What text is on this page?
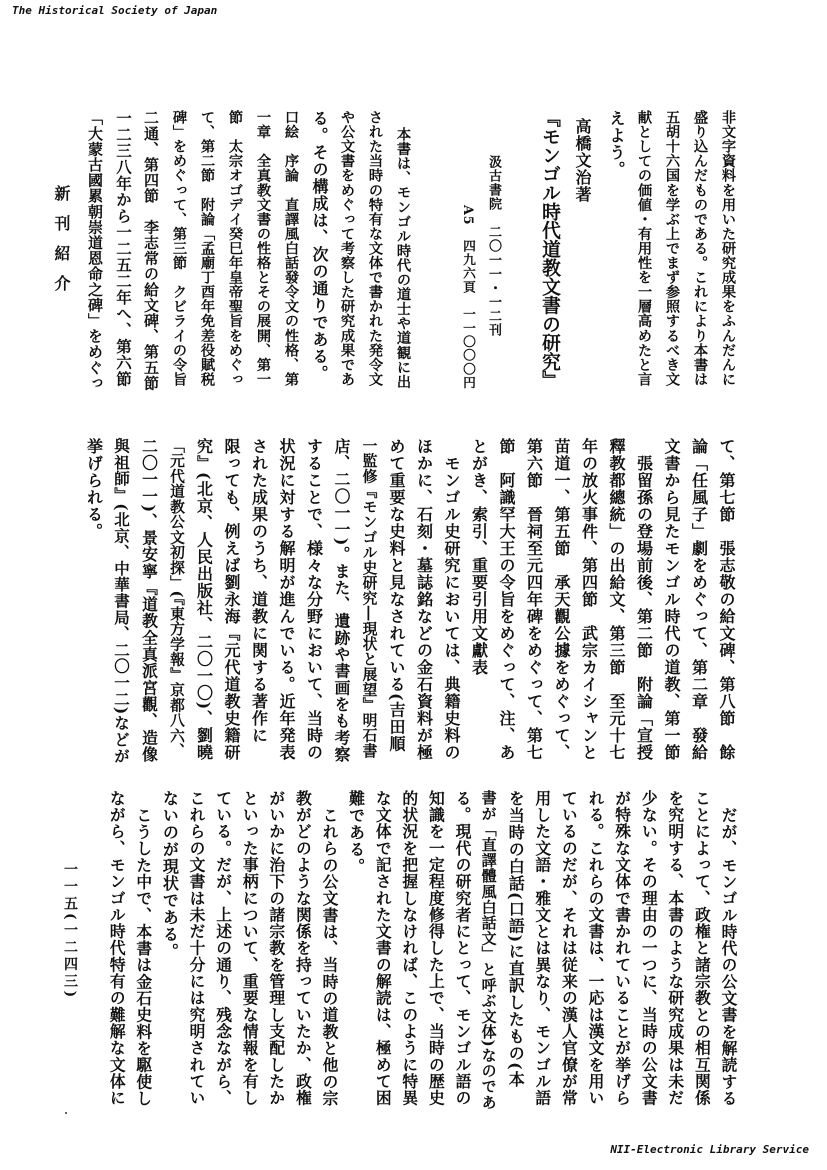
The Historical Society of Japan
非文字資料を用いた研究成果をふんだんに
盛り込んだものである。これにより本書は
五胡十六国を学ぶ上でまず参照するべき文
献としての価値・有用性を一層高めたと言
えよう。
高橋文治著
『モンゴル時代道教文書の研究』
汲古書院　二〇一一・一二刊
A5　四九六頁　一一〇〇〇円
本書は、モンゴル時代の道士や道観に出
された当時の特有な文体で書かれた発令文
や公文書をめぐって考察した研究成果であ
る。その構成は、次の通りである。
口絵　序論　直譯風白話發令文の性格、第
一章　全真教文書の性格とその展開、第一
節　太宗オゴデイ癸巳年皇帝聖旨をめぐっ
て、第二節　附論「孟廟丁酉年免差役賦税
碑」をめぐって、第三節　クビライの令旨
二通、第四節　李志常の給文碑、第五節
一二三八年から一二五二年へ、第六節
「大蒙古國累朝崇道恩命之碑」をめぐっ
て、第七節　張志敬の給文碑、第八節　餘
論「任風子」劇をめぐって、第二章　發給
文書から見たモンゴル時代の道教、第一節
張留孫の登場前後、第二節　附論「宣授
釋教都總統」の出給文、第三節　至元十七
年の放火事件、第四節　武宗カイシャンと
苗道一、第五節　承天觀公據をめぐって、
第六節　晉祠至元四年碑をめぐって、第七
節　阿識罕大王の令旨をめぐって、注、あ
とがき、索引、重要引用文獻表
モンゴル史研究においては、典籍史料の
ほかに、石刻・墓誌銘などの金石資料が極
めて重要な史料と見なされている(吉田順
一監修『モンゴル史研究―現状と展望』明石書
店、二〇一一)。また、遺跡や書画をも考察
することで、様々な分野において、当時の
状況に対する解明が進んでいる。近年発表
された成果のうち、道教に関する著作に
限っても、例えば劉永海『元代道教史籍研
究』(北京、人民出版社、二〇一〇)、劉曉
「元代道教公文初探」(『東方学報』京都八六、
二〇一一)、景安寧『道教全真派宮觀、造像
與祖師』(北京、中華書局、二〇一二)などが
挙げられる。
だが、モンゴル時代の公文書を解読する
ことによって、政権と諸宗教との相互関係
を究明する、本書のような研究成果は未だ
少ない。その理由の一つに、当時の公文書
が特殊な文体で書かれていることが挙げら
れる。これらの文書は、一応は漢文を用い
ているのだが、それは従来の漢人官僚が常
用した文語・雅文とは異なり、モンゴル語
を当時の白話(口語)に直訳したもの(本
書が「直譯體風白話文」と呼ぶ文体)なのであ
る。現代の研究者にとって、モンゴル語の
知識を一定程度修得した上で、当時の歴史
的状況を把握しなければ、このように特異
な文体で記された文書の解読は、極めて困
難である。
これらの公文書は、当時の道教と他の宗
教がどのような関係を持っていたか、政権
がいかに治下の諸宗教を管理し支配したか
といった事柄について、重要な情報を有し
ている。だが、上述の通り、残念ながら、
これらの文書は未だ十分には究明されてい
ないのが現状である。
こうした中で、本書は金石史料を駆使し
ながら、モンゴル時代特有の難解な文体に
新刊紹介
一一五(一二四三)
NII-Electronic Library Service
